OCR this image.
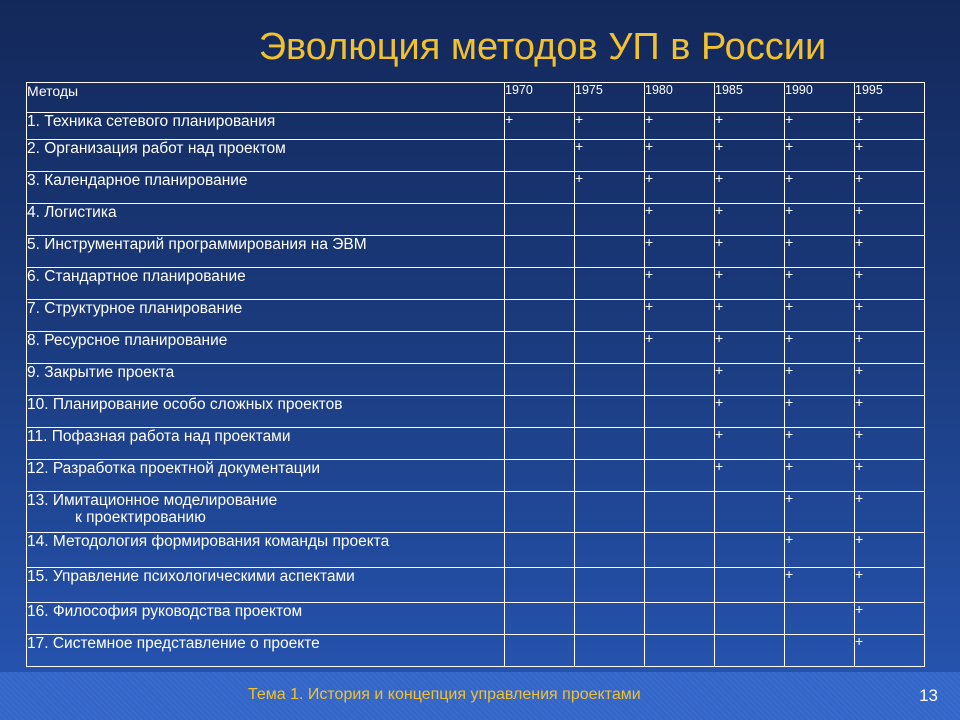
Эволюция методов УП в России
Методы	1970	1975	1980	1985	1990	1995
1. Техника сетевого планирования	+	+	+	+	+	+
2. Организация работ над проектом		+	+	+	+	+
3. Календарное планирование		+	+	+	+	+
4. Логистика			+	+	+	+
5. Инструментарий программирования на ЭВМ			+	+	+	+
6. Стандартное планирование			+	+	+	+
7. Структурное планирование			+	+	+	+
8. Ресурсное планирование			+	+	+	+
9. Закрытие проекта				+	+	+
10. Планирование особо сложных проектов				+	+	+
11. Пофазная работа над проектами				+	+	+
12. Разработка проектной документации				+	+	+
13. Имитационное моделирование
к проектированию					+	+
14. Методология формирования команды проекта					+	+
15. Управление психологическими аспектами					+	+
16. Философия руководства проектом						+
17. Системное представление о проекте						+
Тема 1. История и концепция управления проектами	13
